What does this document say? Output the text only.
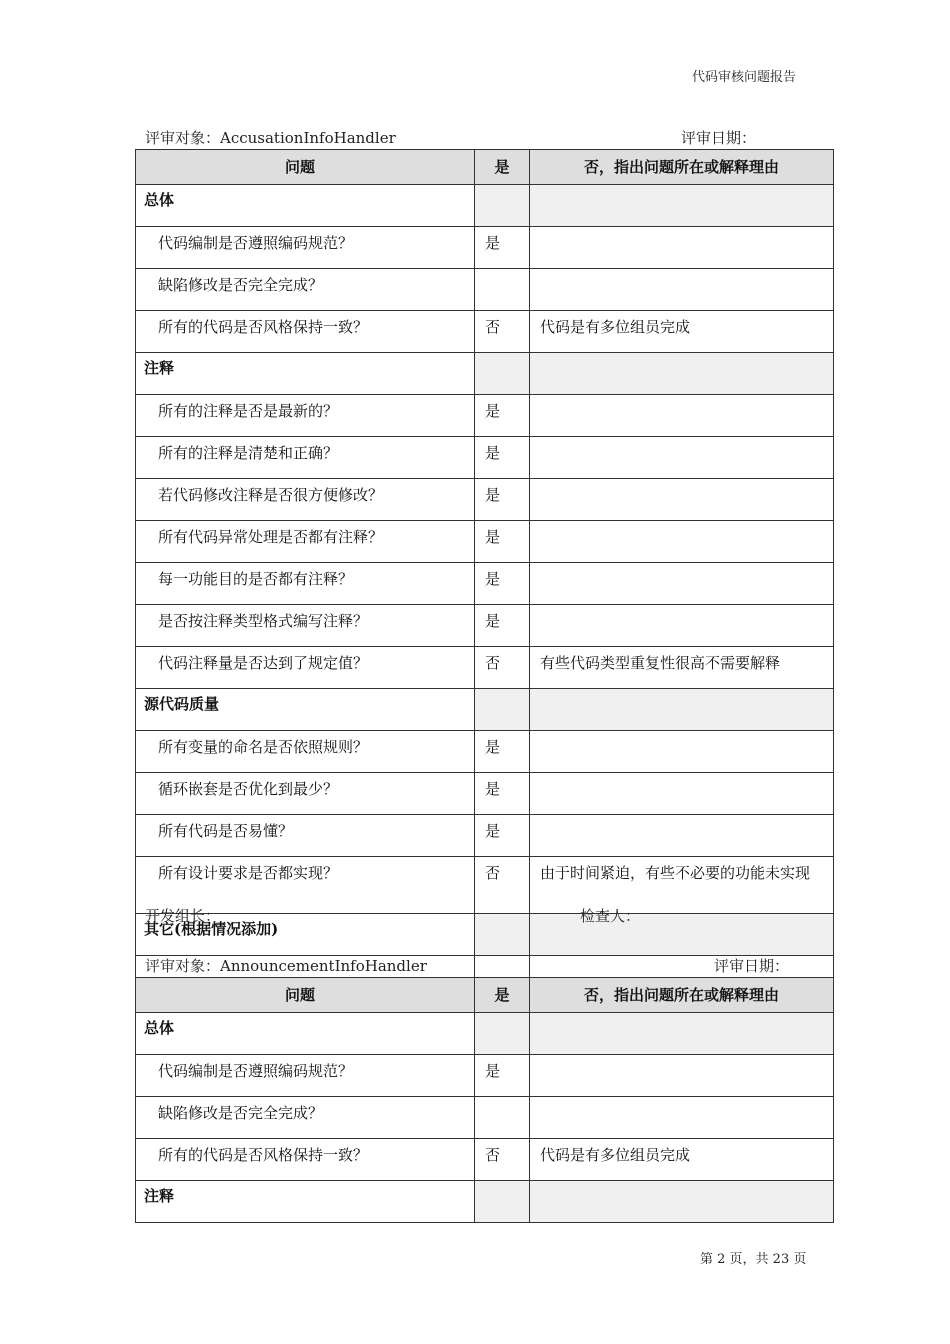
代码审核问题报告
评审对象：AccusationInfoHandler	评审日期：
问题	是	否，指出问题所在或解释理由
总体		
代码编制是否遵照编码规范？	是	
缺陷修改是否完全完成？		
所有的代码是否风格保持一致？	否	代码是有多位组员完成
注释		
所有的注释是否是最新的？	是	
所有的注释是清楚和正确？	是	
若代码修改注释是否很方便修改？	是	
所有代码异常处理是否都有注释？	是	
每一功能目的是否都有注释？	是	
是否按注释类型格式编写注释？	是	
代码注释量是否达到了规定值？	否	有些代码类型重复性很高不需要解释
源代码质量		
所有变量的命名是否依照规则？	是	
循环嵌套是否优化到最少？	是	
所有代码是否易懂？	是	
所有设计要求是否都实现？	否	由于时间紧迫，有些不必要的功能未实现
其它(根据情况添加)		

开发组长：	检查人：
评审对象：AnnouncementInfoHandler	评审日期：
问题	是	否，指出问题所在或解释理由
总体		
代码编制是否遵照编码规范？	是	
缺陷修改是否完全完成？		
所有的代码是否风格保持一致？	否	代码是有多位组员完成
注释		
第 2 页，共 23 页
